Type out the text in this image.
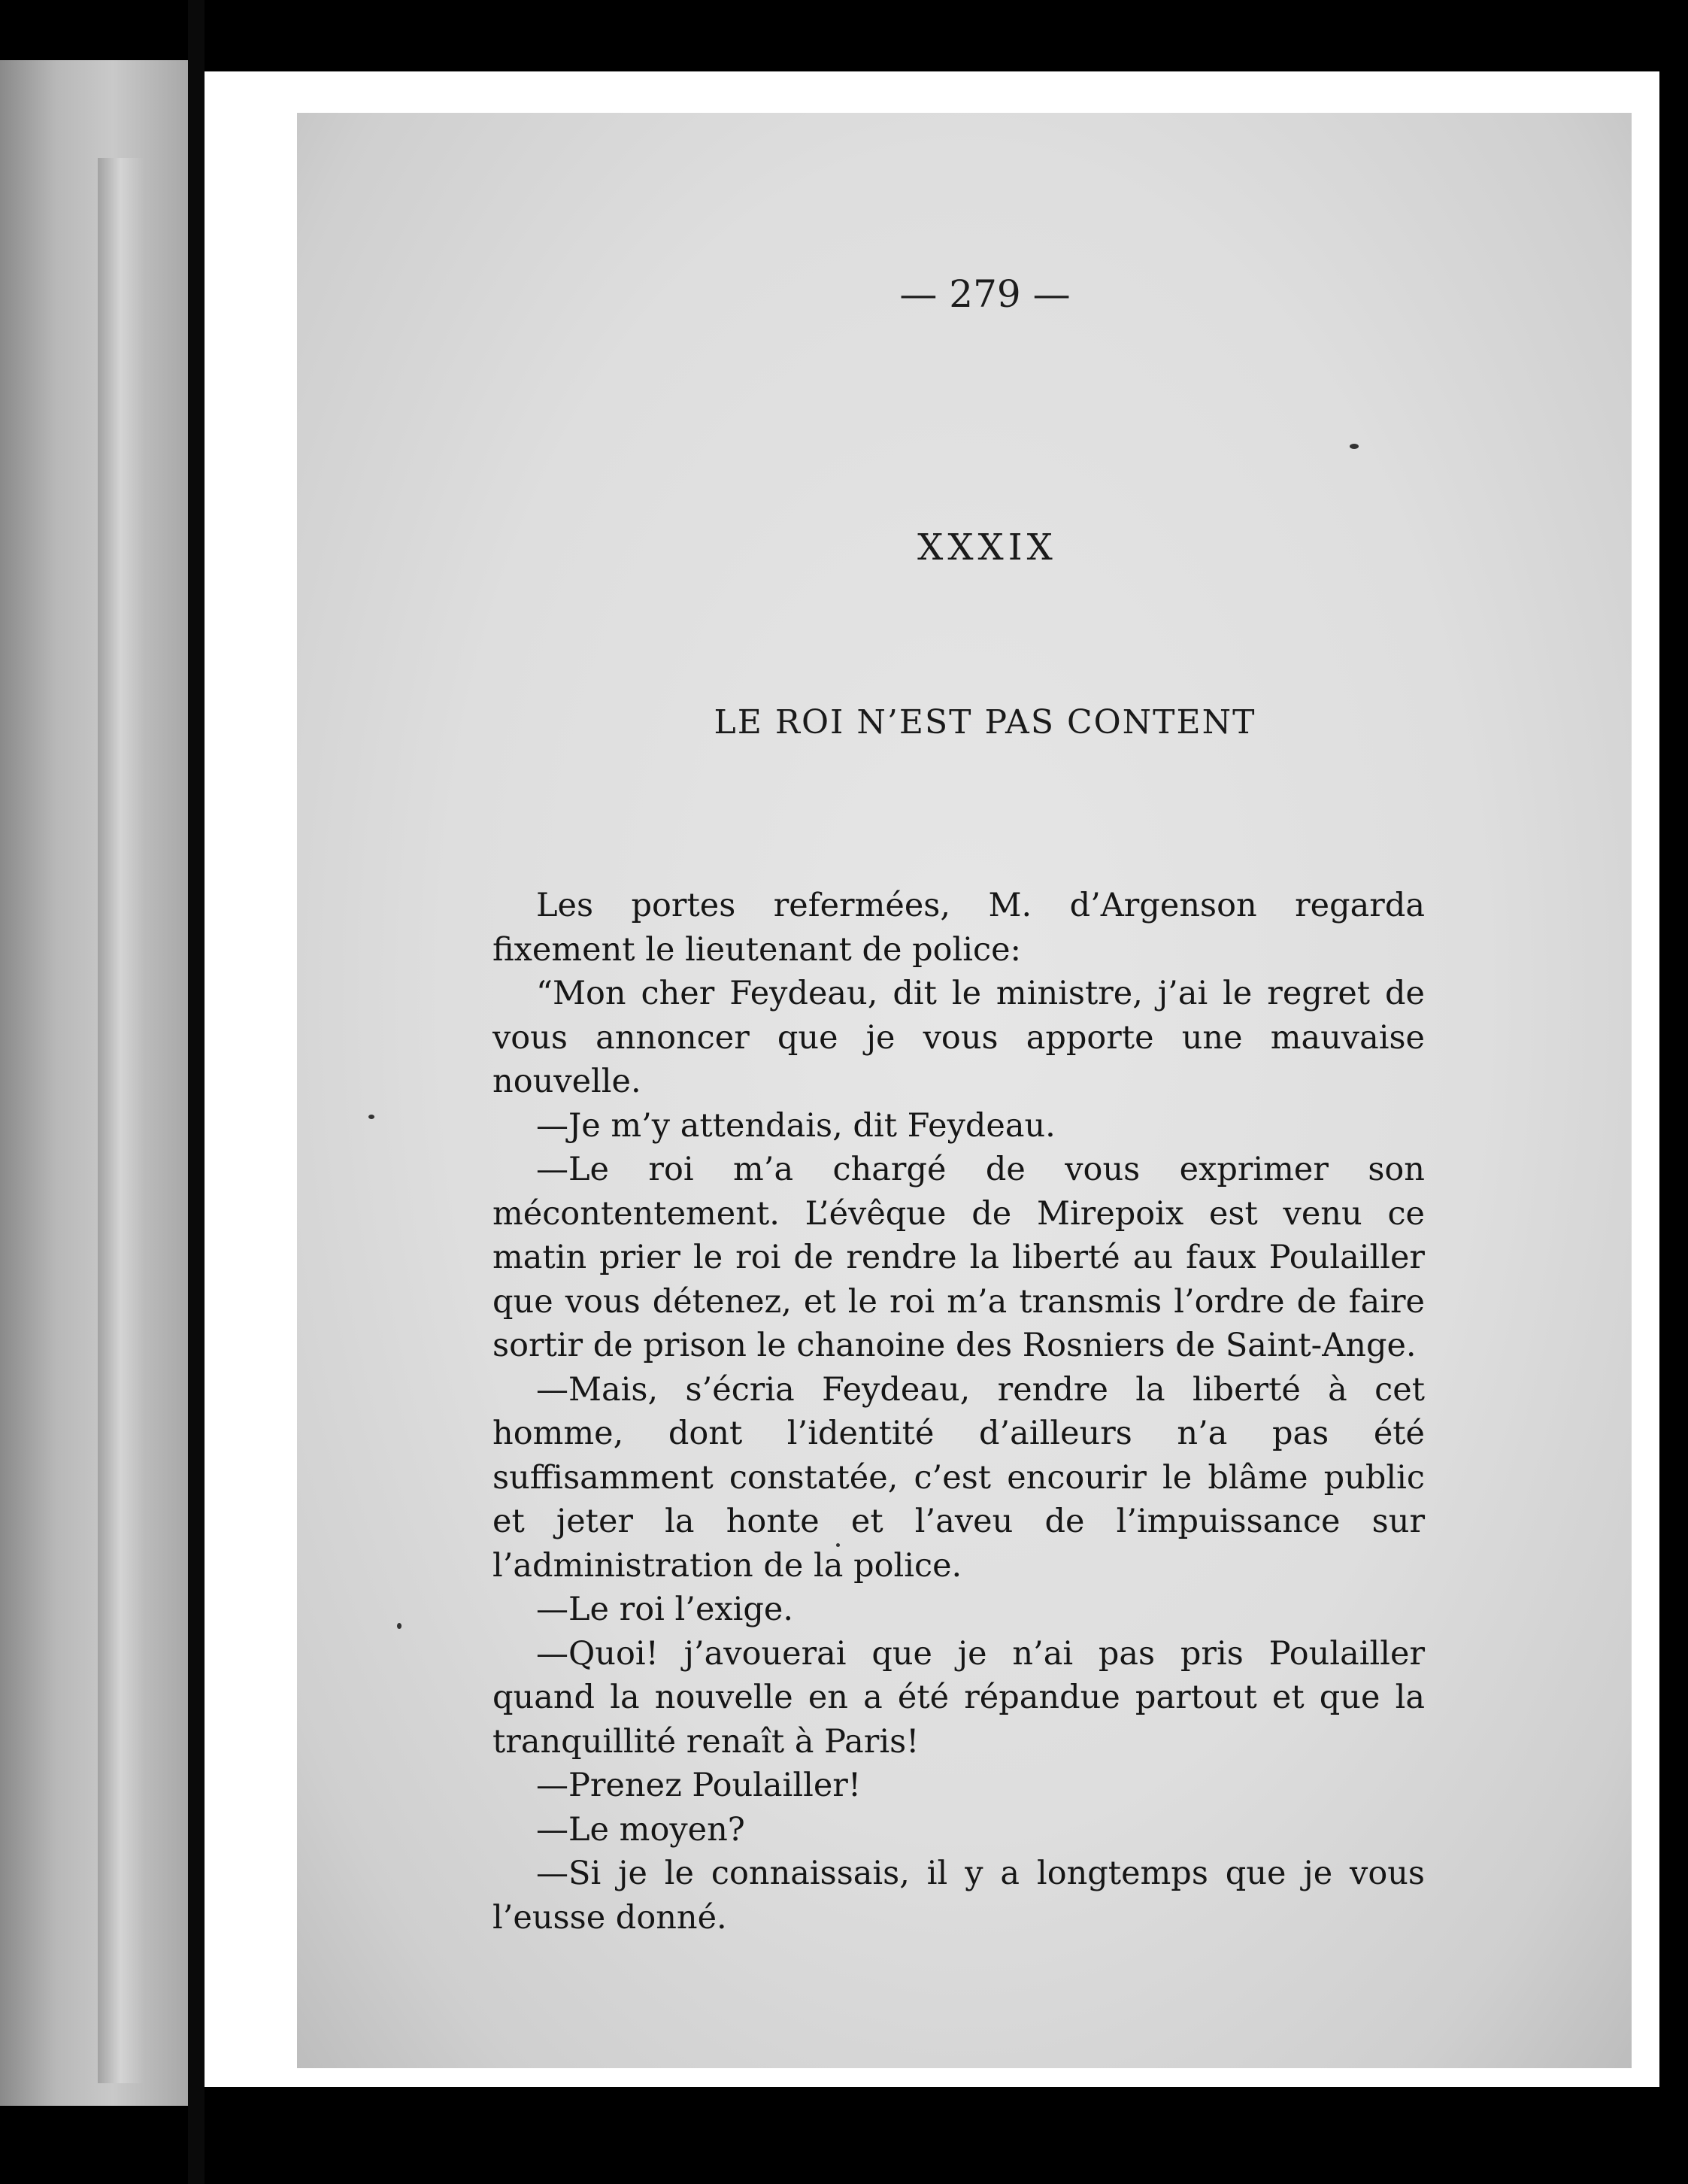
— 279 —
XXXIX
LE ROI N’EST PAS CONTENT

Les portes refermées, M. d’Argenson regarda fixement le lieutenant de police:

“Mon cher Feydeau, dit le ministre, j’ai le regret de vous annoncer que je vous apporte une mauvaise nouvelle.

—Je m’y attendais, dit Feydeau.

—Le roi m’a chargé de vous exprimer son mécontentement. L’évêque de Mirepoix est venu ce matin prier le roi de rendre la liberté au faux Poulailler que vous détenez, et le roi m’a transmis l’ordre de faire sortir de prison le chanoine des Rosniers de Saint-Ange.

—Mais, s’écria Feydeau, rendre la liberté à cet homme, dont l’identité d’ailleurs n’a pas été suffisamment constatée, c’est encourir le blâme public et jeter la honte et l’aveu de l’impuissance sur l’administration de la police.

—Le roi l’exige.

—Quoi! j’avouerai que je n’ai pas pris Poulailler quand la nouvelle en a été répandue partout et que la tranquillité renaît à Paris!

—Prenez Poulailler!

—Le moyen?

—Si je le connaissais, il y a longtemps que je vous l’eusse donné.
